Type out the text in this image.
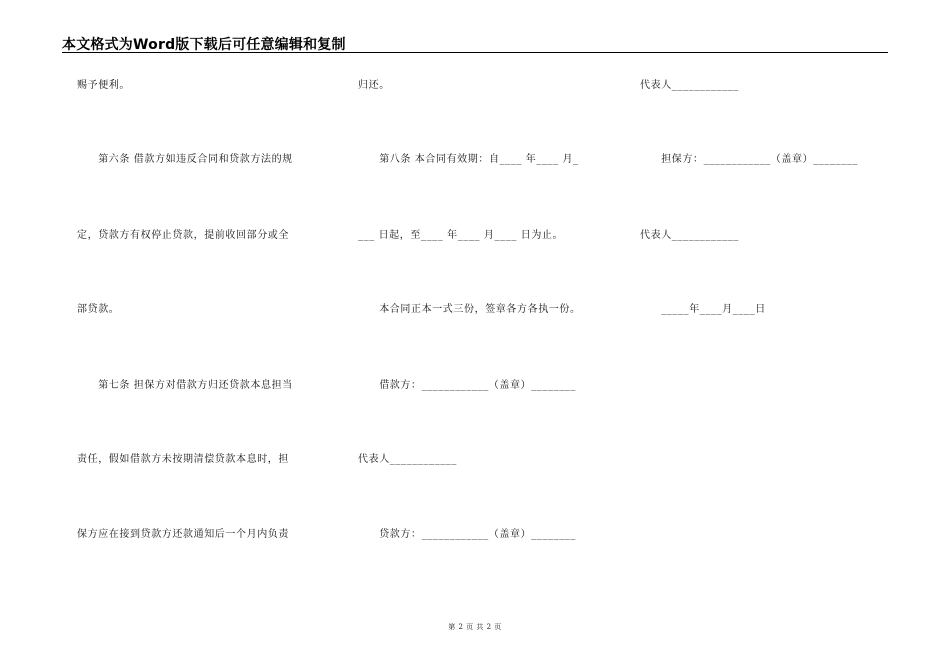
本文格式为Word版下载后可任意编辑和复制
赐予便利。
　　第六条 借款方如违反合同和贷款方法的规
定，贷款方有权停止贷款，提前收回部分或全
部贷款。
　　第七条 担保方对借款方归还贷款本息担当
责任，假如借款方未按期清偿贷款本息时，担
保方应在接到贷款方还款通知后一个月内负责
归还。
　　第八条 本合同有效期：自____ 年____ 月_
___ 日起，至____ 年____ 月____ 日为止。
　　本合同正本一式三份，签章各方各执一份。
　　借款方：____________（盖章）________
代表人____________
　　贷款方：____________（盖章）________
代表人____________
　　担保方：____________（盖章）________
代表人____________
　　_____年____月____日
第 2 页 共 2 页
